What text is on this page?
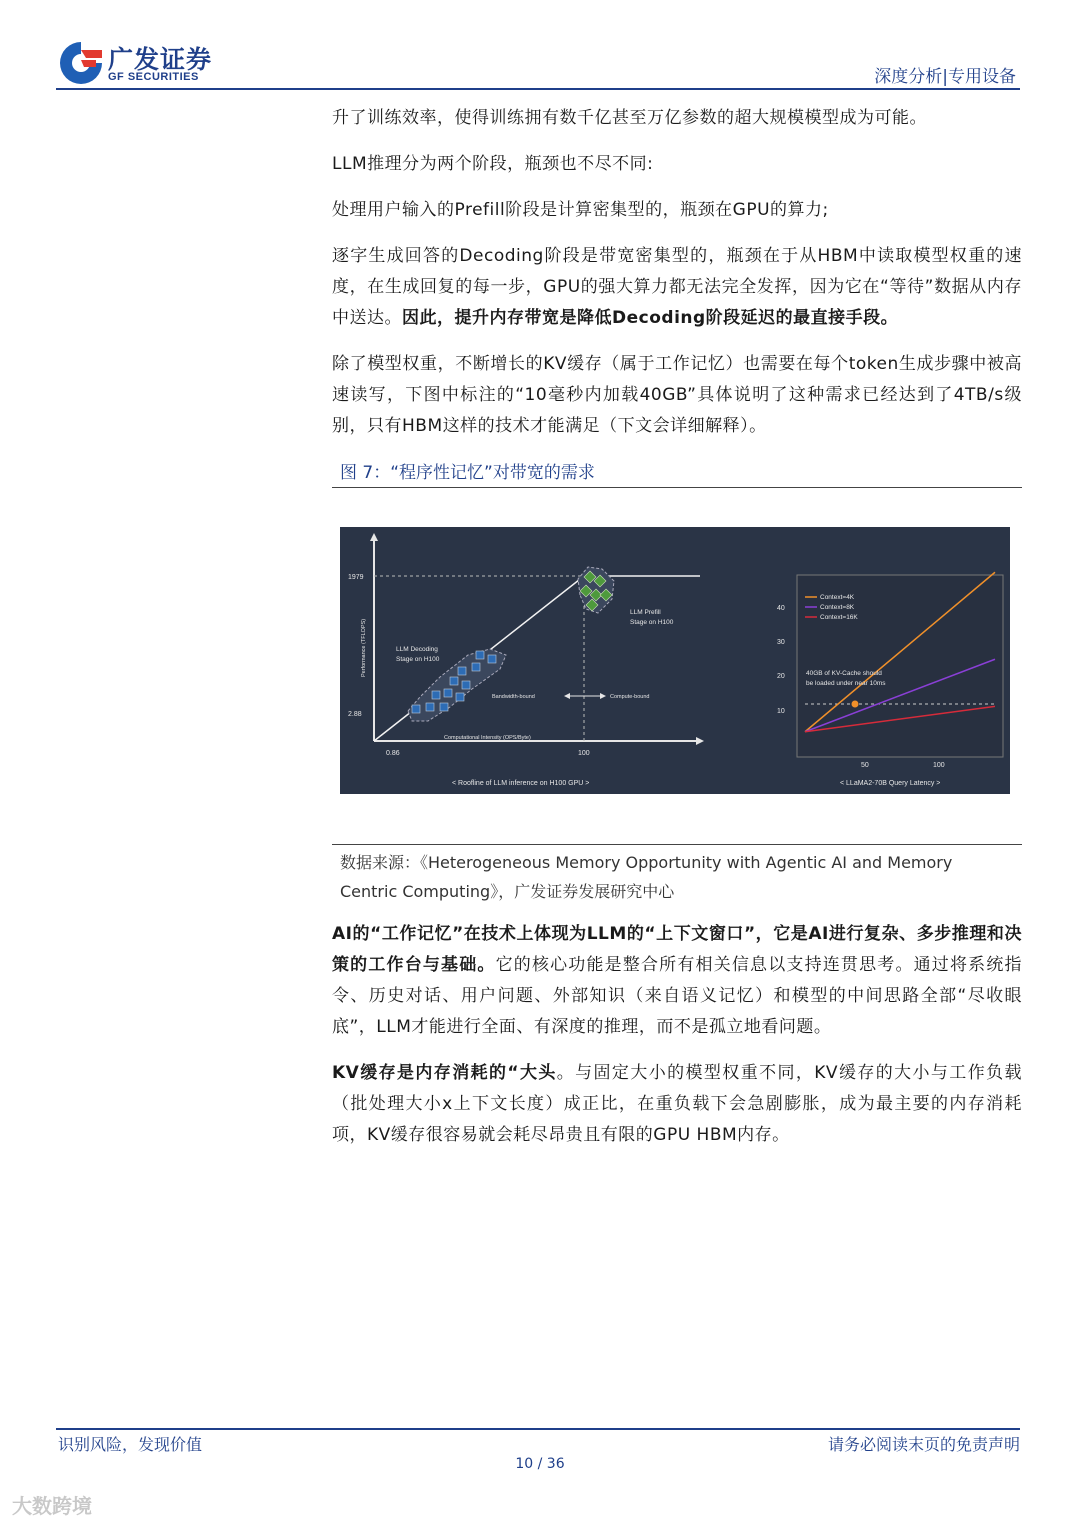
广发证券
GF SECURITIES	深度分析|专用设备
升了训练效率，使得训练拥有数千亿甚至万亿参数的超大规模模型成为可能。
LLM推理分为两个阶段，瓶颈也不尽不同:
处理用户输入的Prefill阶段是计算密集型的，瓶颈在GPU的算力;
逐字生成回答的Decoding阶段是带宽密集型的，瓶颈在于从HBM中读取模型权重的速度，在生成回复的每一步，GPU的强大算力都无法完全发挥，因为它在“等待”数据从内存中送达。因此，提升内存带宽是降低Decoding阶段延迟的最直接手段。
除了模型权重，不断增长的KV缓存（属于工作记忆）也需要在每个token生成步骤中被高速读写，下图中标注的“10毫秒内加载40GB”具体说明了这种需求已经达到了4TB/s级别，只有HBM这样的技术才能满足（下文会详细解释）。
图 7：“程序性记忆”对带宽的需求
1979
2.88
0.86	100
Computational Intensity (OPS/Byte)
Performance (TFLOPS)	LLM Decoding
Stage on H100
LLM Prefill
Stage on H100
Bandwidth-bound	Compute-bound
< Roofline of LLM inference on H100 GPU >
40
30
20
10
50	100
Context=4K
Context=8K
Context=16K
40GB of KV-Cache should
be loaded under near 10ms
< LLaMA2-70B Query Latency >
数据来源：《Heterogeneous Memory Opportunity with Agentic AI and Memory Centric Computing》，广发证券发展研究中心
AI的“工作记忆”在技术上体现为LLM的“上下文窗口”，它是AI进行复杂、多步推理和决策的工作台与基础。它的核心功能是整合所有相关信息以支持连贯思考。通过将系统指令、历史对话、用户问题、外部知识（来自语义记忆）和模型的中间思路全部“尽收眼底”，LLM才能进行全面、有深度的推理，而不是孤立地看问题。
KV缓存是内存消耗的“大头。与固定大小的模型权重不同，KV缓存的大小与工作负载（批处理大小x上下文长度）成正比，在重负载下会急剧膨胀，成为最主要的内存消耗项，KV缓存很容易就会耗尽昂贵且有限的GPU HBM内存。
识别风险，发现价值	请务必阅读末页的免责声明
10 / 36
大数跨境
